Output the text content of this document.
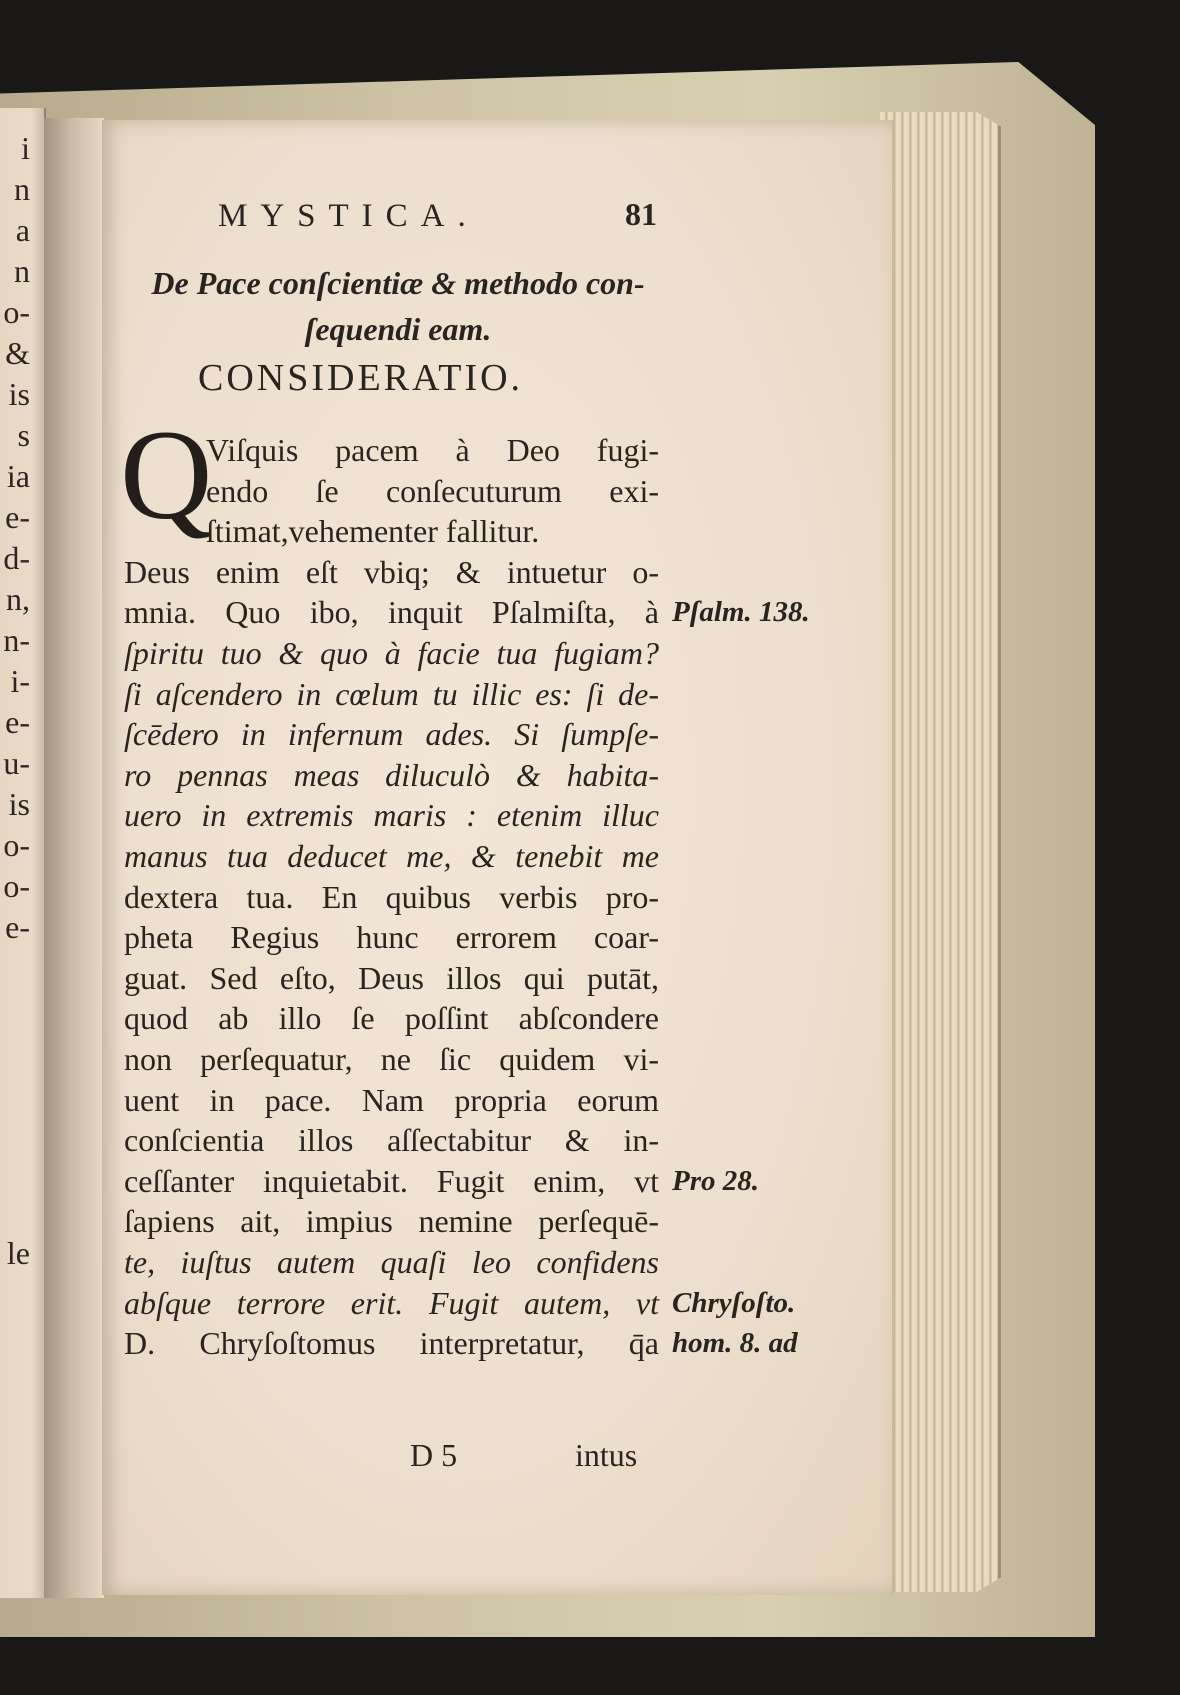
i
n
a
n
o-
&
is
s
ia
e-
d-
n,
n-
i-
e-
u-
is
o-
o-
e-
le
MYSTICA.	81
De Pace conſcientiæ & methodo con-ſequendi eam.
CONSIDERATIO.
Q
Viſquis pacem à Deo fugi-
endo ſe conſecuturum exi-
ſtimat,vehementer fallitur.
Deus enim eſt vbiq; & intuetur o-
mnia. Quo ibo, inquit Pſalmiſta, à
ſpiritu tuo & quo à facie tua fugiam?
ſi aſcendero in cœlum tu illic es: ſi de-
ſcēdero in infernum ades. Si ſumpſe-
ro pennas meas diluculò & habita-
uero in extremis maris : etenim illuc
manus tua deducet me, & tenebit me
dextera tua. En quibus verbis pro-
pheta Regius hunc errorem coar-
guat. Sed eſto, Deus illos qui putāt,
quod ab illo ſe poſſint abſcondere
non perſequatur, ne ſic quidem vi-
uent in pace. Nam propria eorum
conſcientia illos aſſectabitur & in-
ceſſanter inquietabit. Fugit enim, vt
ſapiens ait, impius nemine perſequē-
te, iuſtus autem quaſi leo confidens
abſque terrore erit. Fugit autem, vt
D. Chryſoſtomus interpretatur, q̄a
Pſalm. 138.
Pro 28.
Chryſoſto.
hom. 8. ad
D 5	intus
